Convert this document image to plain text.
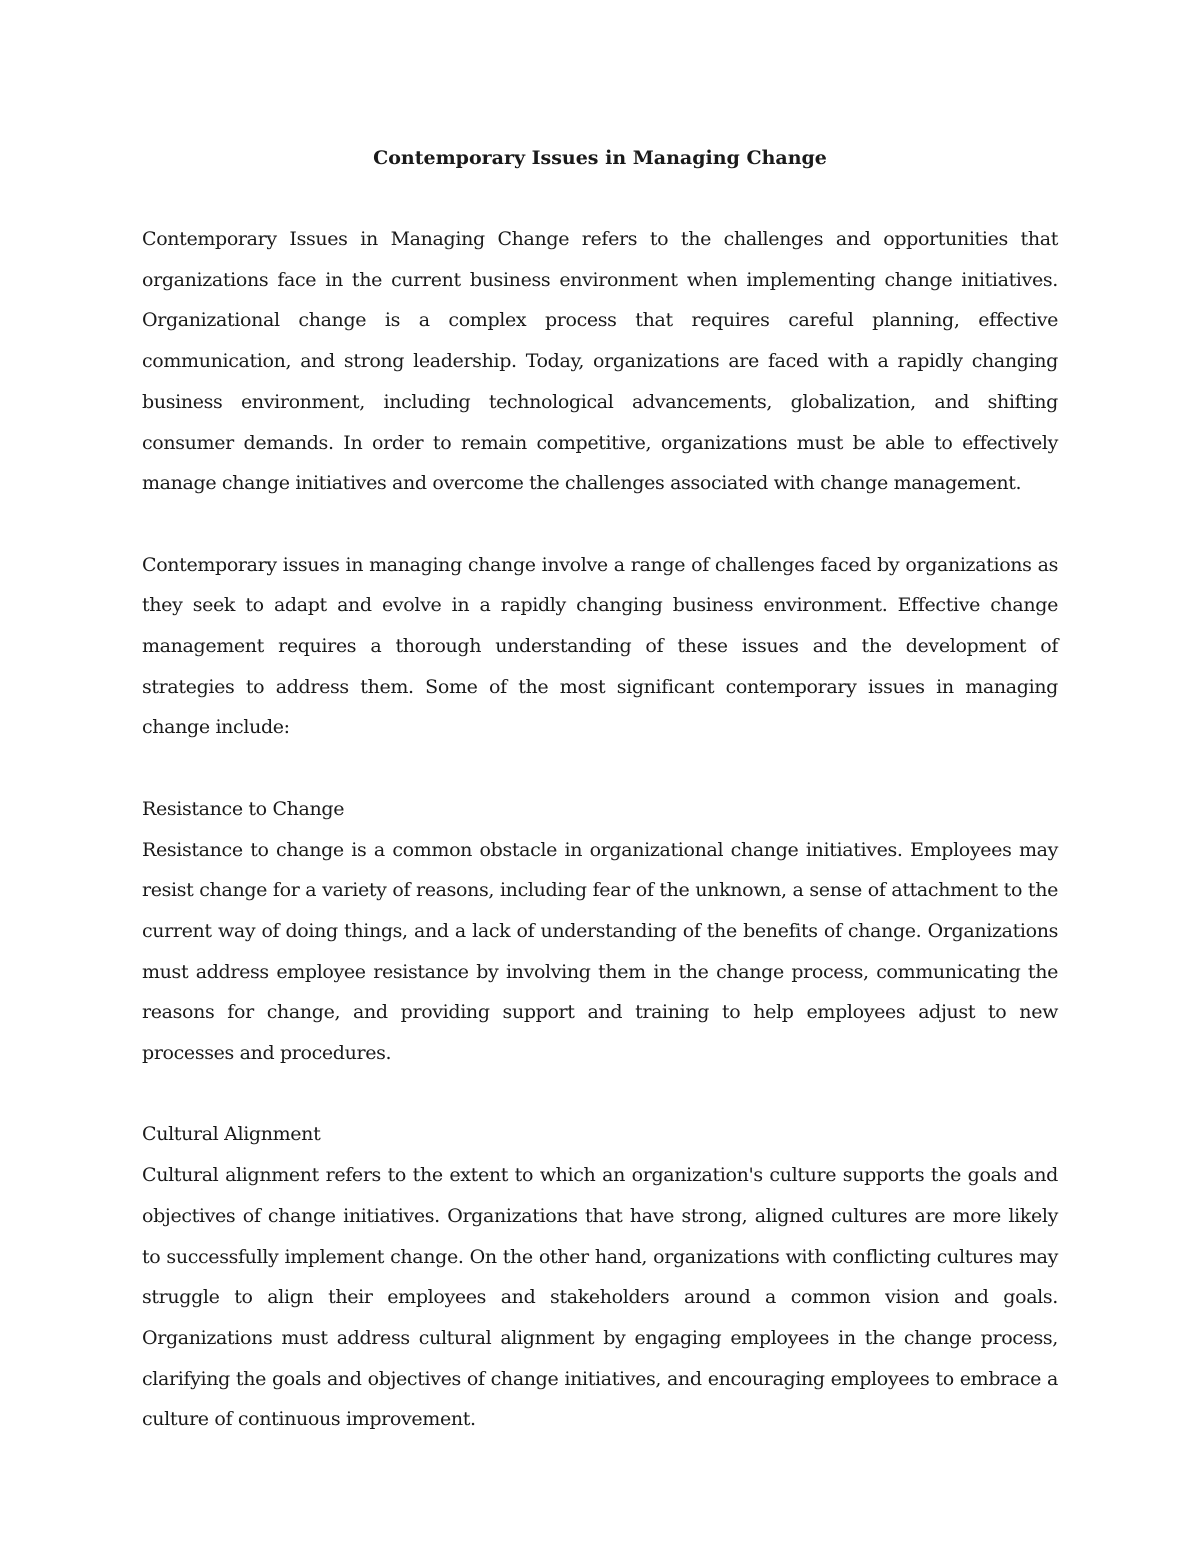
Contemporary Issues in Managing Change

Contemporary Issues in Managing Change refers to the challenges and opportunities that organizations face in the current business environment when implementing change initiatives. Organizational change is a complex process that requires careful planning, effective communication, and strong leadership. Today, organizations are faced with a rapidly changing business environment, including technological advancements, globalization, and shifting consumer demands. In order to remain competitive, organizations must be able to effectively manage change initiatives and overcome the challenges associated with change management.

Contemporary issues in managing change involve a range of challenges faced by organizations as they seek to adapt and evolve in a rapidly changing business environment. Effective change management requires a thorough understanding of these issues and the development of strategies to address them. Some of the most significant contemporary issues in managing change include:

Resistance to Change

Resistance to change is a common obstacle in organizational change initiatives. Employees may resist change for a variety of reasons, including fear of the unknown, a sense of attachment to the current way of doing things, and a lack of understanding of the benefits of change. Organizations must address employee resistance by involving them in the change process, communicating the reasons for change, and providing support and training to help employees adjust to new processes and procedures.

Cultural Alignment

Cultural alignment refers to the extent to which an organization's culture supports the goals and objectives of change initiatives. Organizations that have strong, aligned cultures are more likely to successfully implement change. On the other hand, organizations with conflicting cultures may struggle to align their employees and stakeholders around a common vision and goals. Organizations must address cultural alignment by engaging employees in the change process, clarifying the goals and objectives of change initiatives, and encouraging employees to embrace a culture of continuous improvement.
